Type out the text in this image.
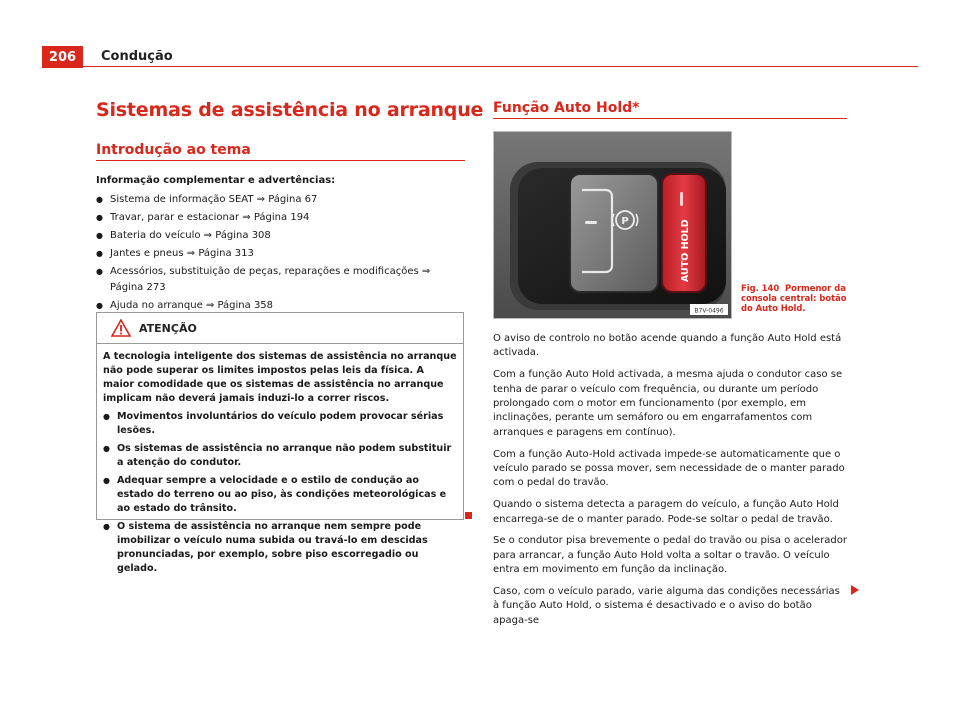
206	Condução
Sistemas de assistência no arranque
Introdução ao tema
Informação complementar e advertências:
● Sistema de informação SEAT ⇒ Página 67
● Travar, parar e estacionar ⇒ Página 194
● Bateria do veículo ⇒ Página 308
● Jantes e pneus ⇒ Página 313
● Acessórios, substituição de peças, reparações e modificações ⇒ Página 273
● Ajuda no arranque ⇒ Página 358
ATENÇÃO

A tecnologia inteligente dos sistemas de assistência no arranque não pode superar os limites impostos pelas leis da física. A maior comodidade que os sistemas de assistência no arranque implicam não deverá jamais induzi-lo a correr riscos.

● Movimentos involuntários do veículo podem provocar sérias lesões.

● Os sistemas de assistência no arranque não podem substituir a atenção do condutor.

● Adequar sempre a velocidade e o estilo de condução ao estado do terreno ou ao piso, às condições meteorológicas e ao estado do trânsito.

● O sistema de assistência no arranque nem sempre pode imobilizar o veículo numa subida ou travá-lo em descidas pronunciadas, por exemplo, sobre piso escorregadio ou gelado.

Função Auto Hold*
P	AUTO HOLD
B7V-0496
Fig. 140 Pormenor da consola central: botão do Auto Hold.

O aviso de controlo no botão acende quando a função Auto Hold está activada.

Com a função Auto Hold activada, a mesma ajuda o condutor caso se tenha de parar o veículo com frequência, ou durante um período prolongado com o motor em funcionamento (por exemplo, em inclinações, perante um semáforo ou em engarrafamentos com arranques e paragens em contínuo).

Com a função Auto-Hold activada impede-se automaticamente que o veículo parado se possa mover, sem necessidade de o manter parado com o pedal do travão.

Quando o sistema detecta a paragem do veículo, a função Auto Hold encarrega-se de o manter parado. Pode-se soltar o pedal de travão.

Se o condutor pisa brevemente o pedal do travão ou pisa o acelerador para arrancar, a função Auto Hold volta a soltar o travão. O veículo entra em movimento em função da inclinação.

Caso, com o veículo parado, varie alguma das condições necessárias à função Auto Hold, o sistema é desactivado e o aviso do botão apaga-se
